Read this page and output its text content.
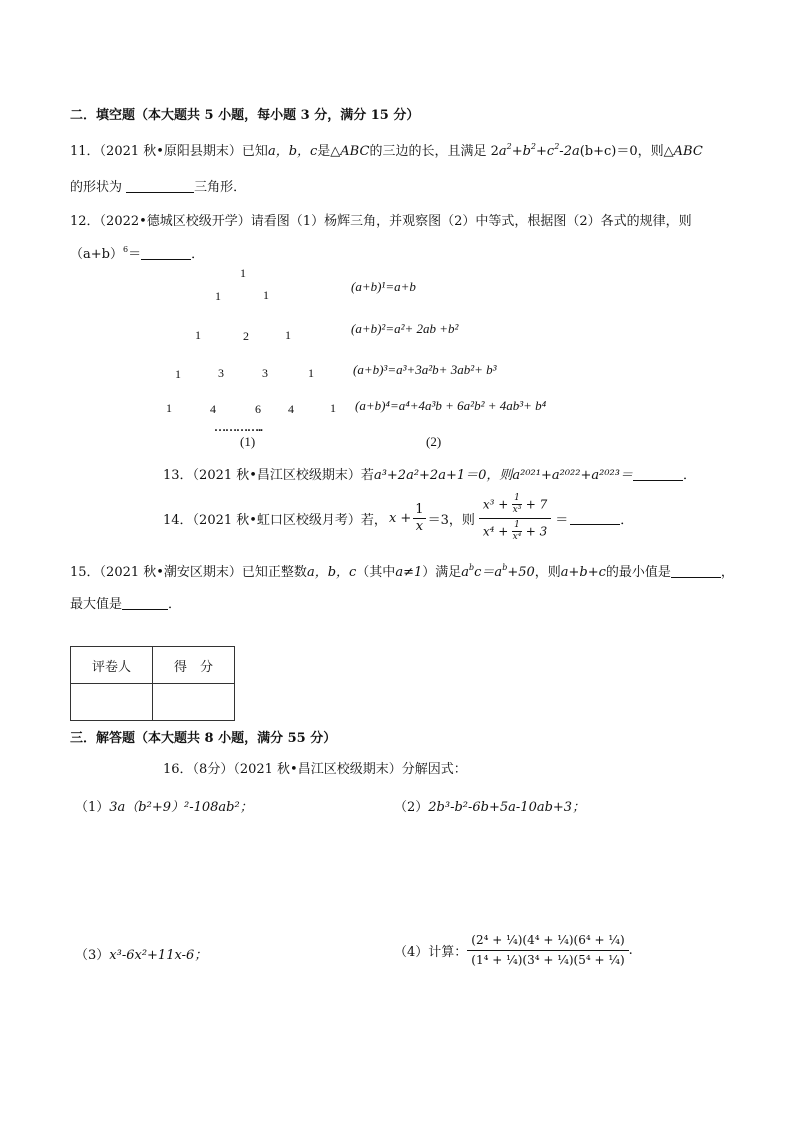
二．填空题（本大题共 5 小题，每小题 3 分，满分 15 分）
11．（2021 秋•原阳县期末）已知a，b，c是△ABC的三边的长，且满足 $2a^2+b^2+c^2-2a(b+c)=0$，则△ABC
的形状为	三角形．
12．（2022•德城区校级开学）请看图（1）杨辉三角，并观察图（2）中等式，根据图（2）各式的规律，则
$(a+b)^6=$	．
1
1	1
1	2	1
1	3	3	1
1	4	6 4	1
…………..
(1)
(a+b)¹=a+b
(a+b)²=a²+ 2ab +b²
(a+b)³=a³+3a²b+ 3ab²+ b³
(a+b)⁴=a⁴+4a³b + 6a²b² + 4ab³+ b⁴
(2)
13．（2021 秋•昌江区校级期末）若a³+2a²+2a+1＝0，则a²⁰²¹+a²⁰²²+a²⁰²³＝	．
14．（2021 秋•虹口区校级月考）若， $x + \frac{1}{x} =3$，则 $\frac{x^3 + \frac{1}{\text{x³}} + 7}{x^4 + \frac{1}{\text{x⁴}} + 3}$ ＝	．
15．（2021 秋•潮安区期末）已知正整数a，b，c（其中a≠1）满足$a^bc=a^b+50$，则a+b+c的最小值是	，
最大值是	．
评卷人	得　分

三．解答题（本大题共 8 小题，满分 55 分）
16．（8分）（2021 秋•昌江区校级期末）分解因式：
（1）3a（b²+9）²-108ab²；	（2）2b³-b²-6b+5a-10ab+3；
（3）x³-6x²+11x-6；	（4）计算： $\frac{\text{(2⁴ + ¼)(4⁴ + ¼)(6⁴ + ¼)}}{\text{(1⁴ + ¼)(3⁴ + ¼)(5⁴ + ¼)}}$ .
